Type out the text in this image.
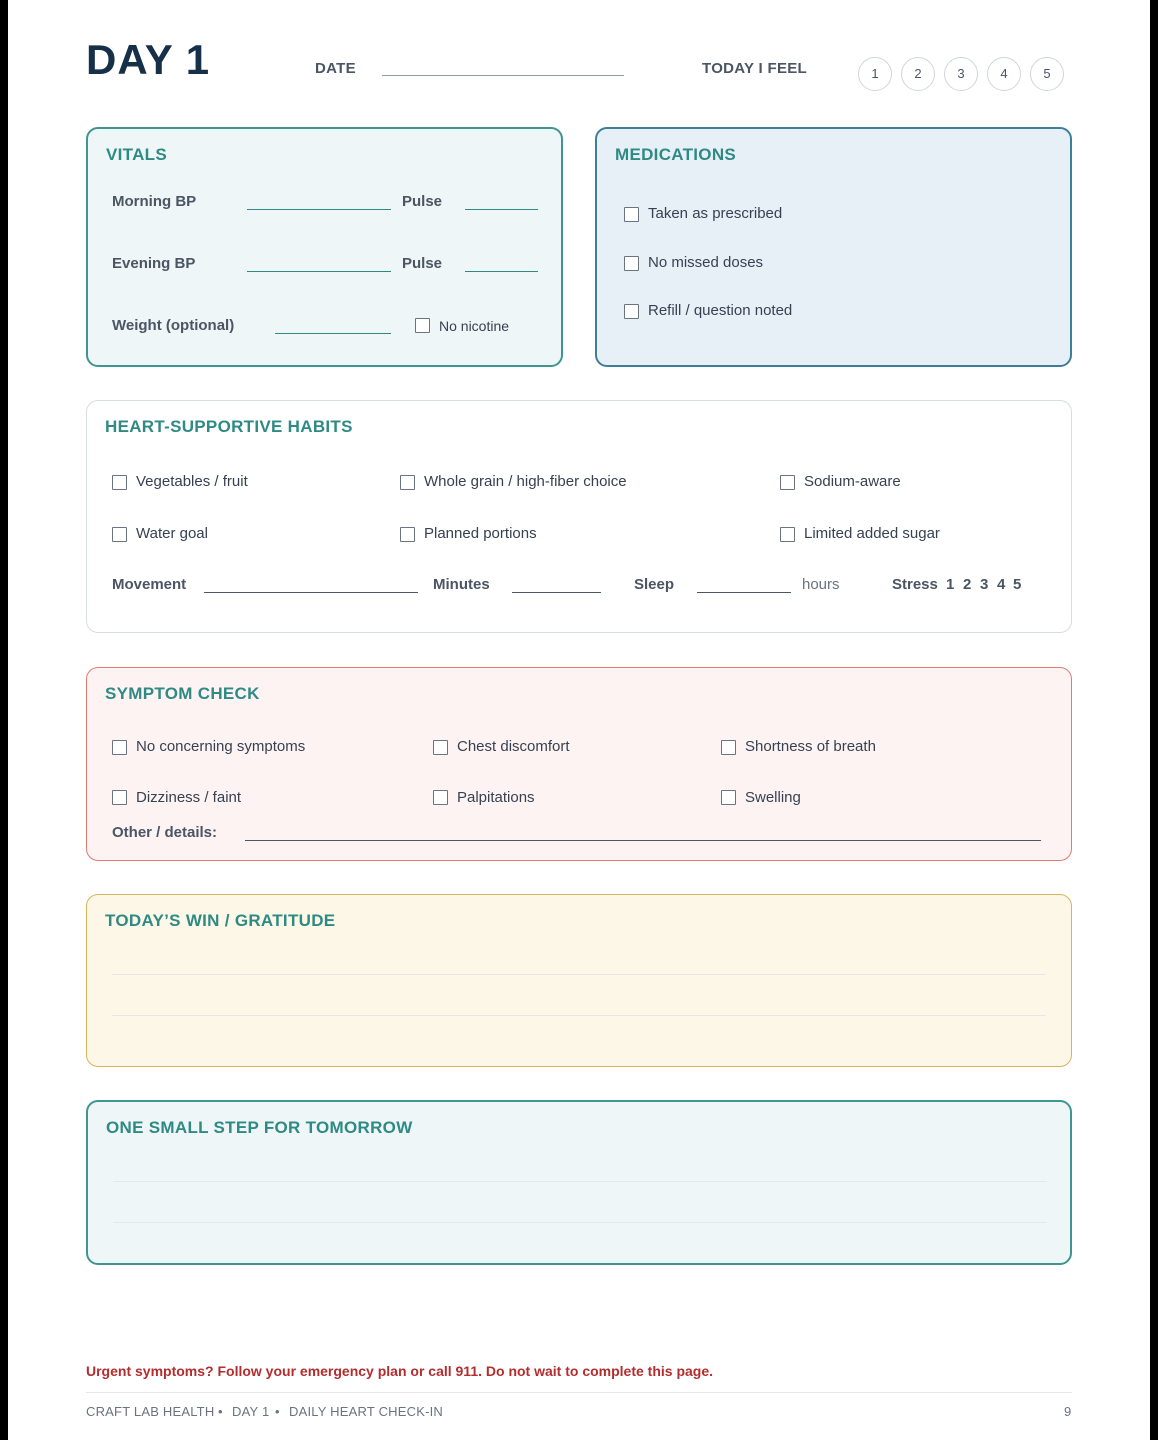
DAY 1	DATE	TODAY I FEEL	1	2	3	4	5
VITALS
Morning BP	Pulse
Evening BP	Pulse
Weight (optional)	No nicotine
MEDICATIONS
Taken as prescribed
No missed doses
Refill / question noted
HEART-SUPPORTIVE HABITS
Vegetables / fruit	Whole grain / high-fiber choice	Sodium-aware
Water goal	Planned portions	Limited added sugar
Movement	Minutes	Sleep	hours	Stress 1 2 3 4 5
SYMPTOM CHECK
No concerning symptoms	Chest discomfort	Shortness of breath
Dizziness / faint	Palpitations	Swelling
Other / details:
TODAY’S WIN / GRATITUDE
ONE SMALL STEP FOR TOMORROW

Urgent symptoms? Follow your emergency plan or call 911. Do not wait to complete this page.

CRAFT LAB HEALTH • DAY 1 • DAILY HEART CHECK-IN	9
